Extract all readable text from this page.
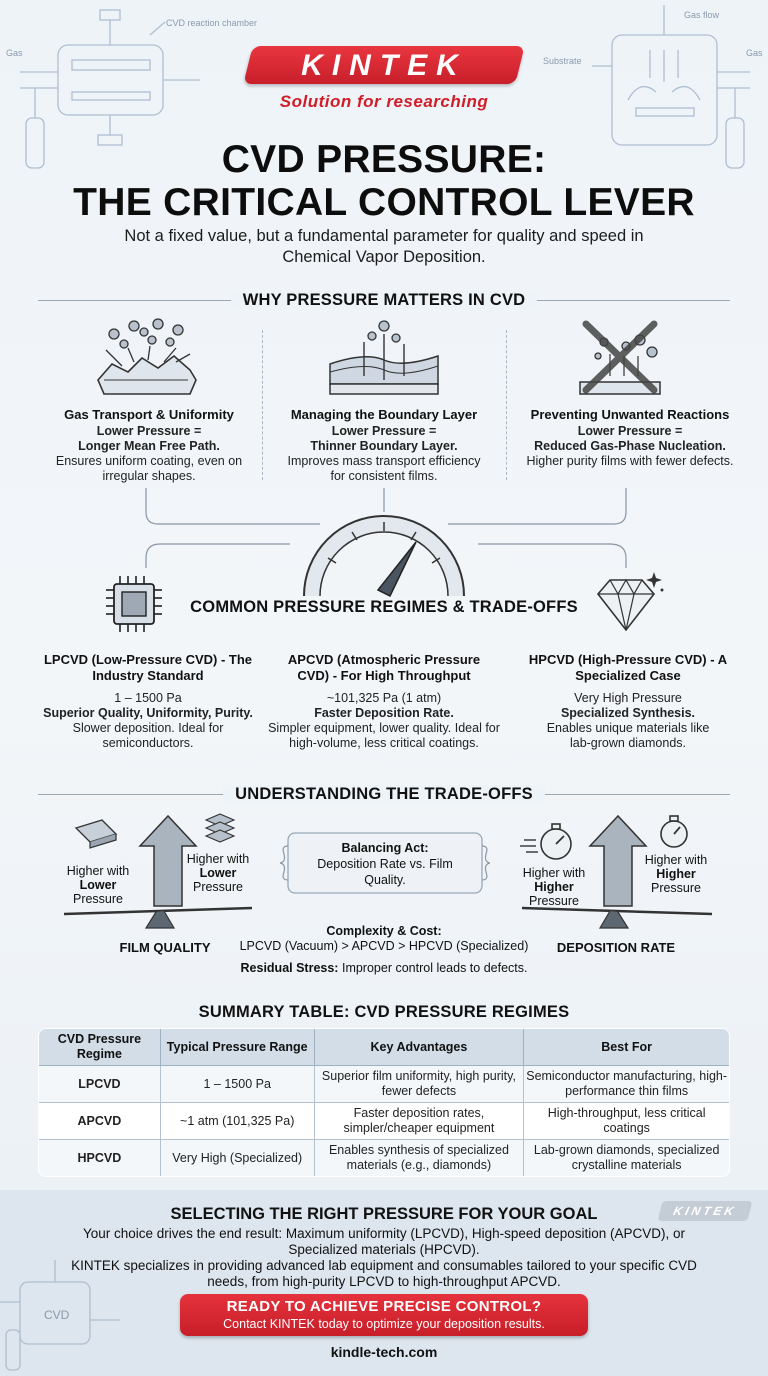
Gas
CVD reaction chamber
Gas flow
Substrate
Gas
KINTEK
Solution for researching
CVD PRESSURE:
THE CRITICAL CONTROL LEVER
Not a fixed value, but a fundamental parameter for quality and speed in Chemical Vapor Deposition.
WHY PRESSURE MATTERS IN CVD
Gas Transport & Uniformity
Lower Pressure =
Longer Mean Free Path.
Ensures uniform coating, even on irregular shapes.
Managing the Boundary Layer
Lower Pressure =
Thinner Boundary Layer.
Improves mass transport efficiency for consistent films.
Preventing Unwanted Reactions
Lower Pressure =
Reduced Gas-Phase Nucleation.
Higher purity films with fewer defects.
COMMON PRESSURE REGIMES & TRADE-OFFS
LPCVD (Low-Pressure CVD) - The Industry Standard
1 – 1500 Pa
Superior Quality, Uniformity, Purity.
Slower deposition. Ideal for semiconductors.
APCVD (Atmospheric Pressure CVD) - For High Throughput
~101,325 Pa (1 atm)
Faster Deposition Rate.
Simpler equipment, lower quality. Ideal for high-volume, less critical coatings.
HPCVD (High-Pressure CVD) - A Specialized Case
Very High Pressure
Specialized Synthesis.
Enables unique materials like lab-grown diamonds.
UNDERSTANDING THE TRADE-OFFS
Higher with
Lower
Pressure
Higher with
Lower
Pressure
FILM QUALITY
Higher with
Higher
Pressure
Higher with
Higher
Pressure
DEPOSITION RATE
Balancing Act:
Deposition Rate vs. Film Quality.
Complexity & Cost:
LPCVD (Vacuum) > APCVD > HPCVD (Specialized)
Residual Stress: Improper control leads to defects.
SUMMARY TABLE: CVD PRESSURE REGIMES
CVD Pressure Regime	Typical Pressure Range	Key Advantages	Best For
LPCVD	1 – 1500 Pa	Superior film uniformity, high purity, fewer defects	Semiconductor manufacturing, high-performance thin films
APCVD	~1 atm (101,325 Pa)	Faster deposition rates, simpler/cheaper equipment	High-throughput, less critical coatings
HPCVD	Very High (Specialized)	Enables synthesis of specialized materials (e.g., diamonds)	Lab-grown diamonds, specialized crystalline materials
CVD
KINTEK
SELECTING THE RIGHT PRESSURE FOR YOUR GOAL
Your choice drives the end result: Maximum uniformity (LPCVD), High-speed deposition (APCVD), or Specialized materials (HPCVD).
KINTEK specializes in providing advanced lab equipment and consumables tailored to your specific CVD needs, from high-purity LPCVD to high-throughput APCVD.
READY TO ACHIEVE PRECISE CONTROL?
Contact KINTEK today to optimize your deposition results.
kindle-tech.com
